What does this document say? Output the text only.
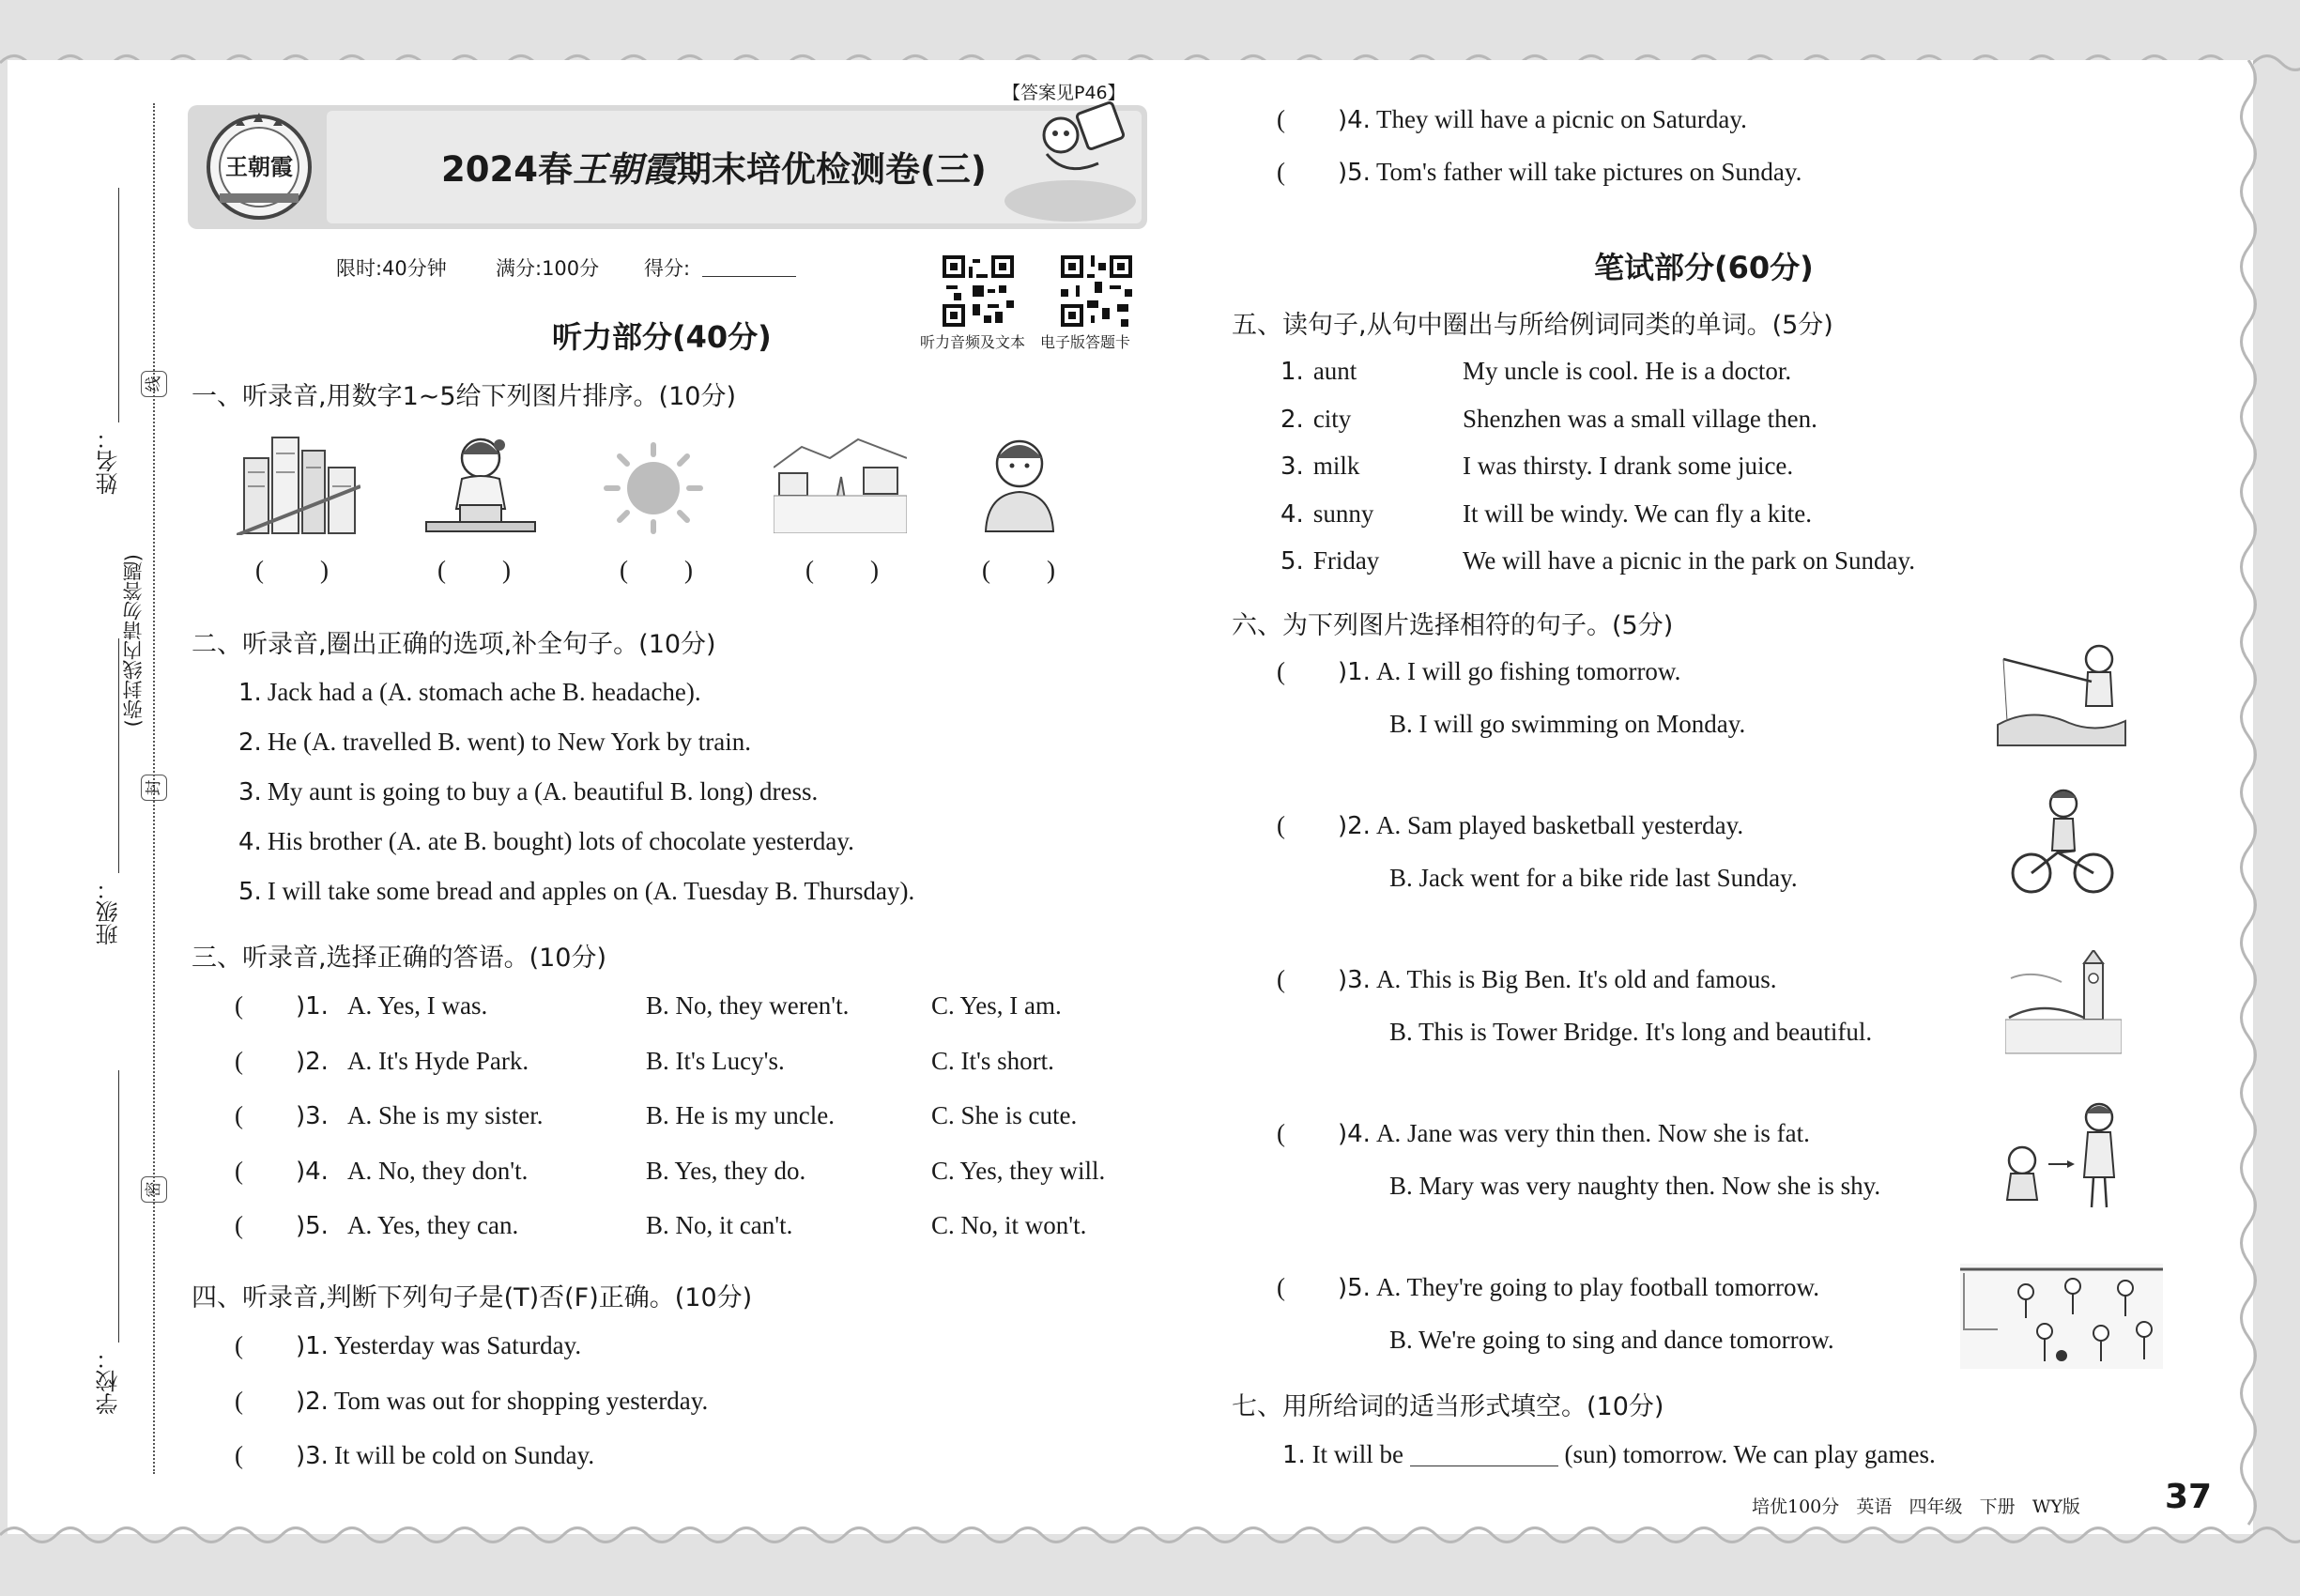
姓名：
线
(弥封线内请勿答题)
封
班级：
密
学校：
【答案见P46】
王朝霞	2024春王朝霞期末培优检测卷(三)
限时:40分钟 满分:100分 得分:
听力音频及文本 电子版答题卡
听力部分(40分)
一、听录音,用数字1~5给下列图片排序。(10分)
( )	( )	( )	( )	( )
二、听录音,圈出正确的选项,补全句子。(10分)
1. Jack had a (A. stomach ache B. headache).
2. He (A. travelled B. went) to New York by train.
3. My aunt is going to buy a (A. beautiful B. long) dress.
4. His brother (A. ate B. bought) lots of chocolate yesterday.
5. I will take some bread and apples on (A. Tuesday B. Thursday).
三、听录音,选择正确的答语。(10分)
( )1. A. Yes, I was.	B. No, they weren't.	C. Yes, I am.
( )2. A. It's Hyde Park.	B. It's Lucy's.	C. It's short.
( )3. A. She is my sister.	B. He is my uncle.	C. She is cute.
( )4. A. No, they don't.	B. Yes, they do.	C. Yes, they will.
( )5. A. Yes, they can.	B. No, it can't.	C. No, it won't.
四、听录音,判断下列句子是(T)否(F)正确。(10分)
( )1. Yesterday was Saturday.
( )2. Tom was out for shopping yesterday.
( )3. It will be cold on Sunday.
( )4. They will have a picnic on Saturday.
( )5. Tom's father will take pictures on Sunday.
笔试部分(60分)
五、读句子,从句中圈出与所给例词同类的单词。(5分)
1. aunt	My uncle is cool. He is a doctor.
2. city	Shenzhen was a small village then.
3. milk	I was thirsty. I drank some juice.
4. sunny	It will be windy. We can fly a kite.
5. Friday	We will have a picnic in the park on Sunday.
六、为下列图片选择相符的句子。(5分)
( )1. A. I will go fishing tomorrow.
B. I will go swimming on Monday.
( )2. A. Sam played basketball yesterday.
B. Jack went for a bike ride last Sunday.
( )3. A. This is Big Ben. It's old and famous.
B. This is Tower Bridge. It's long and beautiful.
( )4. A. Jane was very thin then. Now she is fat.
B. Mary was very naughty then. Now she is shy.
( )5. A. They're going to play football tomorrow.
B. We're going to sing and dance tomorrow.
七、用所给词的适当形式填空。(10分)
1. It will be	(sun) tomorrow. We can play games.
培优100分 英语 四年级 下册 WY版	37
